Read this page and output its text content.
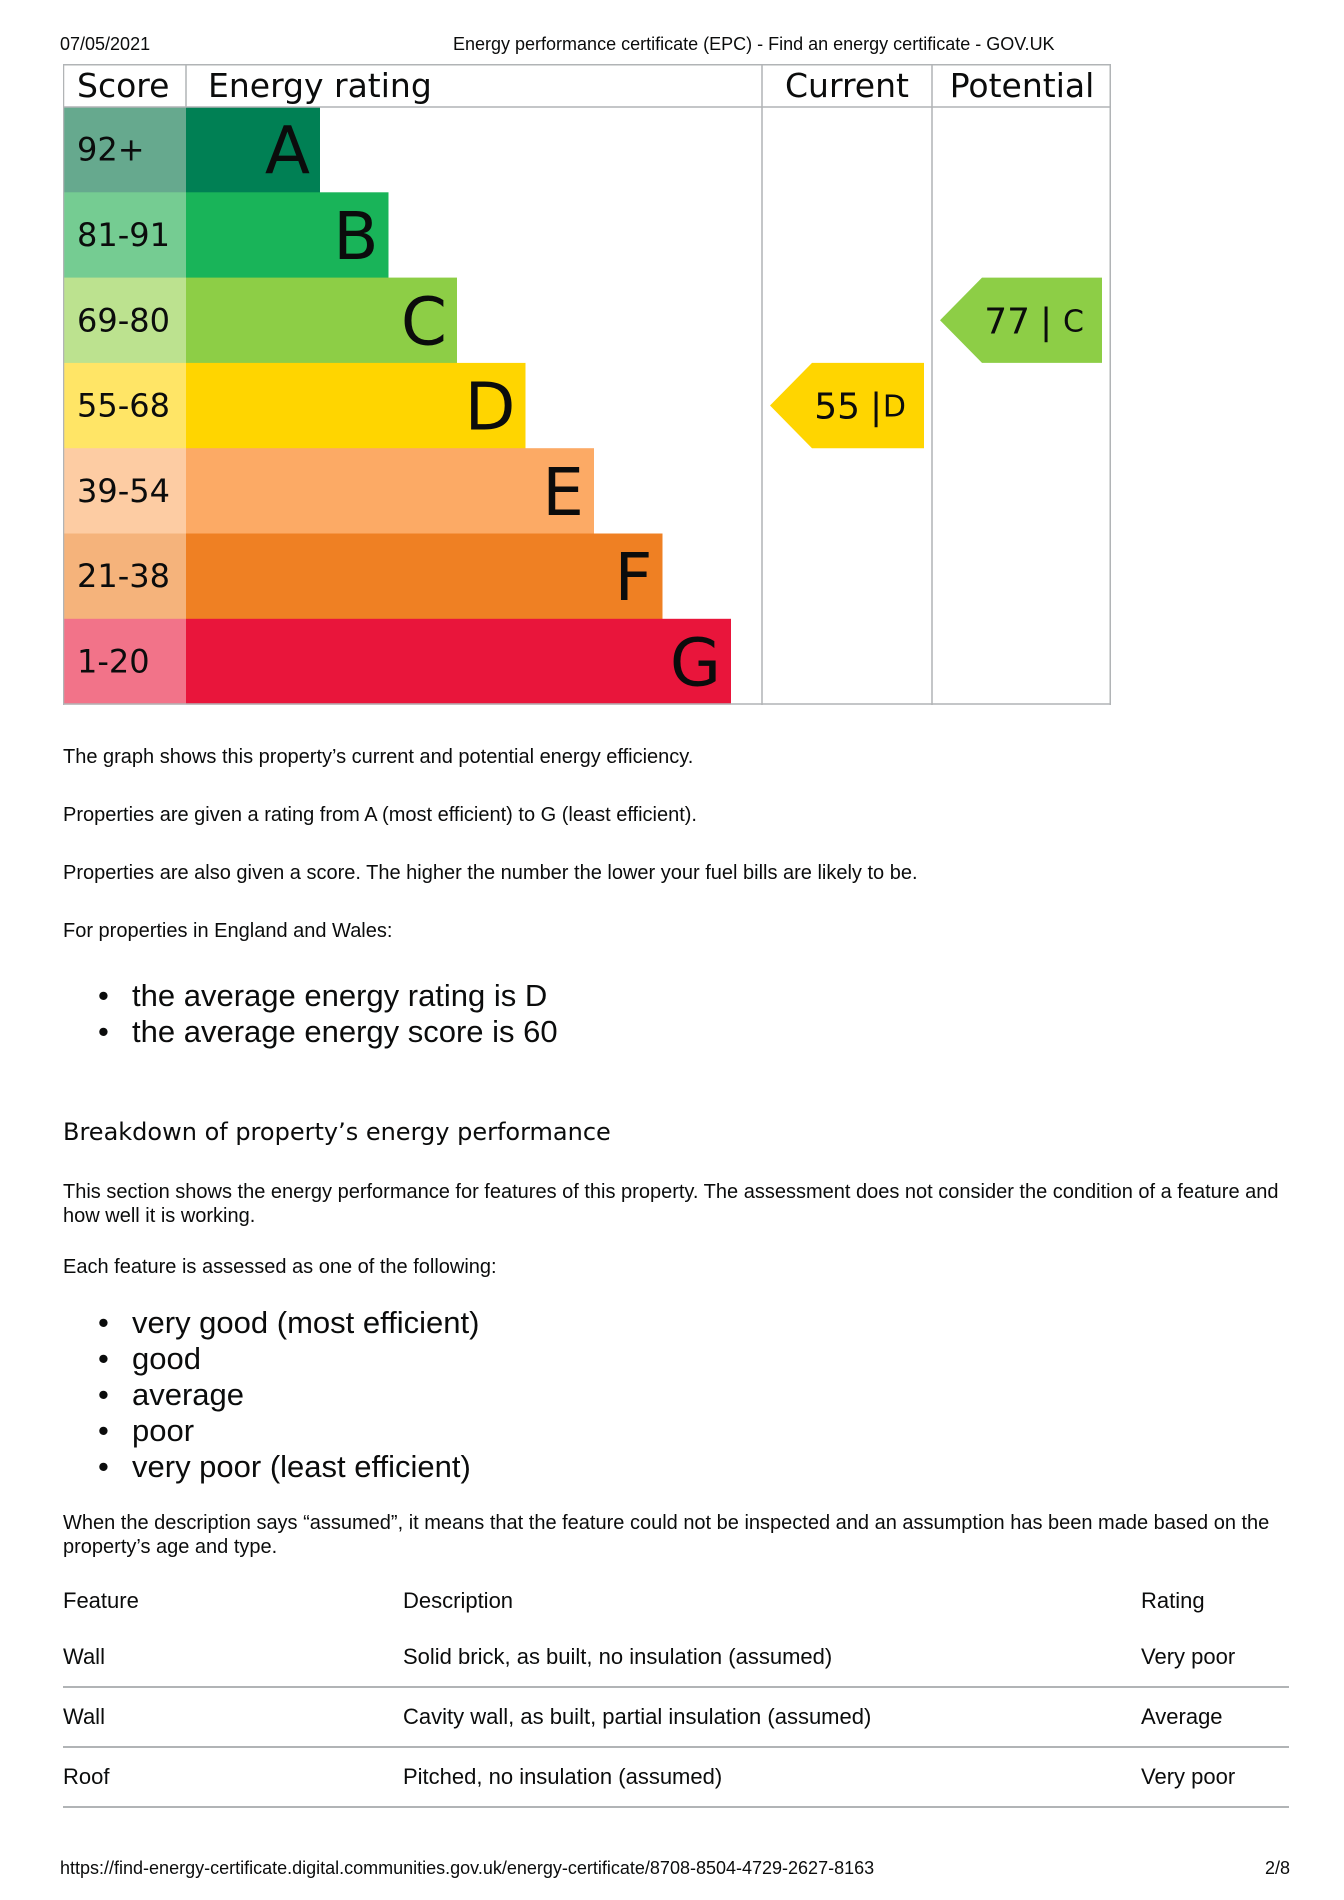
07/05/2021	Energy performance certificate (EPC) - Find an energy certificate - GOV.UK
92+ A
81-91 B
69-80	C
55-68	D
39-54	E
21-38	F
1-20	G
55 | D
77 | C
Score Energy rating	Current Potential

The graph shows this property’s current and potential energy efficiency.

Properties are given a rating from A (most efficient) to G (least efficient).

Properties are also given a score. The higher the number the lower your fuel bills are likely to be.

For properties in England and Wales:

• the average energy rating is D
• the average energy score is 60
Breakdown of property’s energy performance

This section shows the energy performance for features of this property. The assessment does not consider the condition of a feature and how well it is working.

Each feature is assessed as one of the following:

• very good (most efficient)
• good
• average
• poor
• very poor (least efficient)

When the description says “assumed”, it means that the feature could not be inspected and an assumption has been made based on the property’s age and type.

Feature	Description	Rating
Wall	Solid brick, as built, no insulation (assumed)	Very poor
Wall	Cavity wall, as built, partial insulation (assumed)	Average
Roof	Pitched, no insulation (assumed)	Very poor
https://find-energy-certificate.digital.communities.gov.uk/energy-certificate/8708-8504-4729-2627-8163	2/8
